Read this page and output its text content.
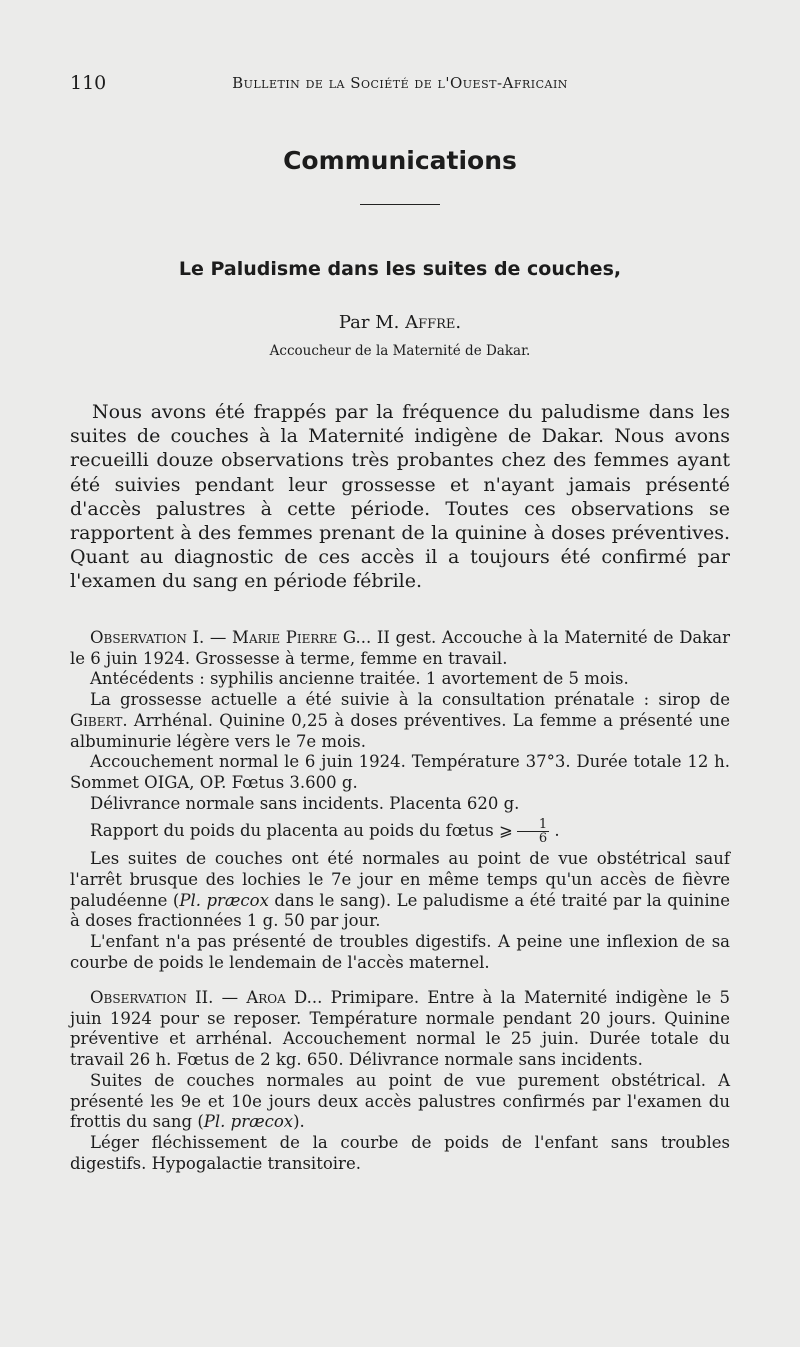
110	Bulletin de la Société de l'Ouest-Africain
Communications
Le Paludisme dans les suites de couches,
Par M. Affre.
Accoucheur de la Maternité de Dakar.
Nous avons été frappés par la fréquence du paludisme dans les suites de couches à la Maternité indigène de Dakar. Nous avons recueilli douze observations très probantes chez des femmes ayant été suivies pendant leur grossesse et n'ayant jamais présenté d'accès palustres à cette période. Toutes ces observations se rapportent à des femmes prenant de la quinine à doses préventives. Quant au diagnostic de ces accès il a toujours été confirmé par l'examen du sang en période fébrile.

Observation I. — Marie Pierre G... II gest. Accouche à la Maternité de Dakar le 6 juin 1924. Grossesse à terme, femme en travail.

Antécédents : syphilis ancienne traitée. 1 avortement de 5 mois.

La grossesse actuelle a été suivie à la consultation prénatale : sirop de Gibert. Arrhénal. Quinine 0,25 à doses préventives. La femme a présenté une albuminurie légère vers le 7e mois.

Accouchement normal le 6 juin 1924. Température 37°3. Durée totale 12 h. Sommet OIGA, OP. Fœtus 3.600 g.

Délivrance normale sans incidents. Placenta 620 g.

Rapport du poids du placenta au poids du fœtus ⩾ $\frac{1}{6}$ .

Les suites de couches ont été normales au point de vue obstétrical sauf l'arrêt brusque des lochies le 7e jour en même temps qu'un accès de fièvre paludéenne (Pl. præcox dans le sang). Le paludisme a été traité par la quinine à doses fractionnées 1 g. 50 par jour.

L'enfant n'a pas présenté de troubles digestifs. A peine une inflexion de sa courbe de poids le lendemain de l'accès maternel.

Observation II. — Aroa D... Primipare. Entre à la Maternité indigène le 5 juin 1924 pour se reposer. Température normale pendant 20 jours. Quinine préventive et arrhénal. Accouchement normal le 25 juin. Durée totale du travail 26 h. Fœtus de 2 kg. 650. Délivrance normale sans incidents.

Suites de couches normales au point de vue purement obstétrical. A présenté les 9e et 10e jours deux accès palustres confirmés par l'examen du frottis du sang (Pl. præcox).

Léger fléchissement de la courbe de poids de l'enfant sans troubles digestifs. Hypogalactie transitoire.
